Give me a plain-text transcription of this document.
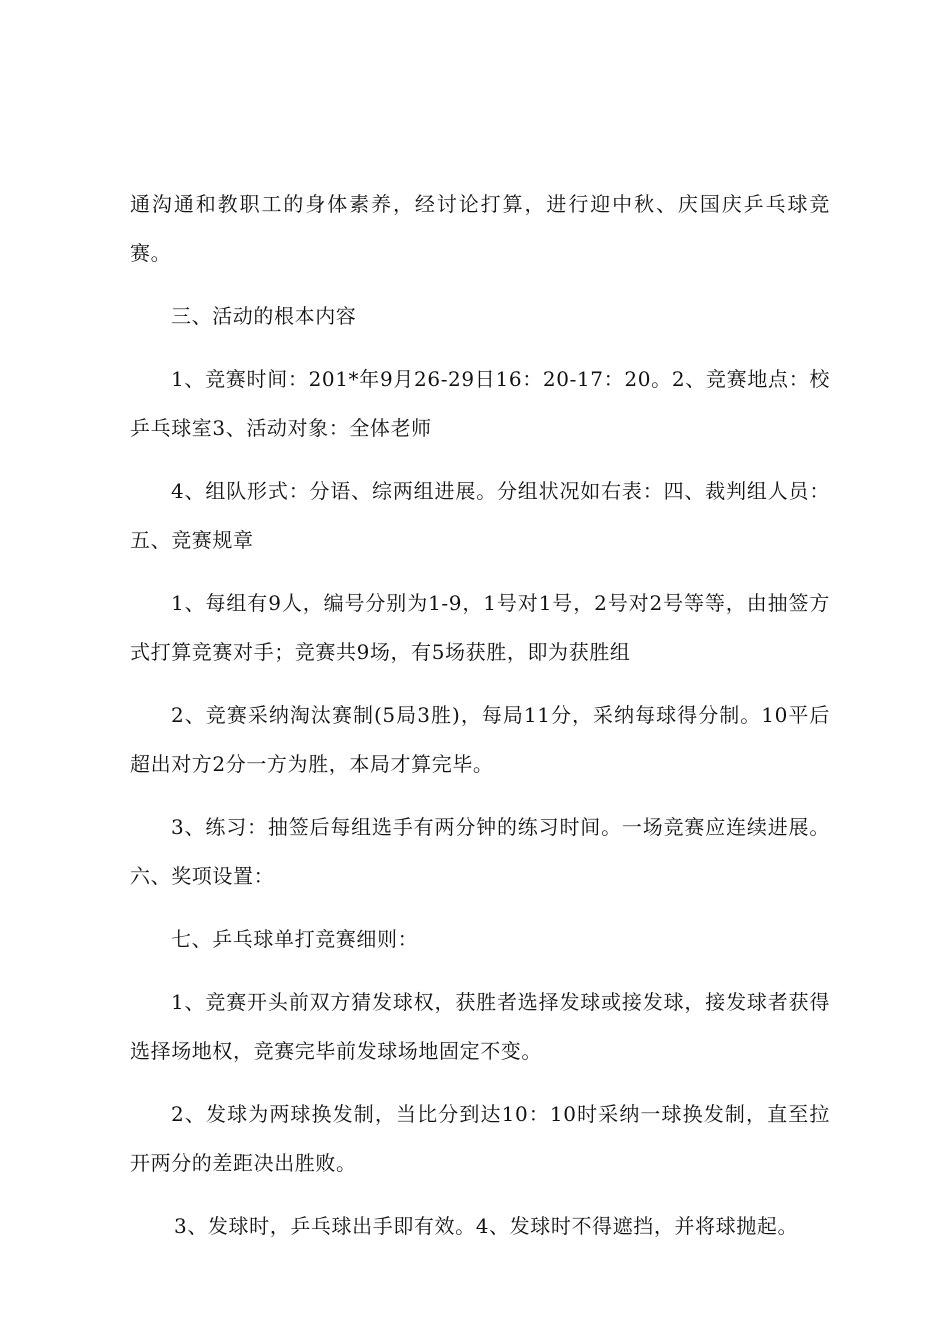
通沟通和教职工的身体素养，经讨论打算，进行迎中秋、庆国庆乒乓球竞赛。

三、活动的根本内容

1、竞赛时间：201*年9月26-29日16：20-17：20。2、竞赛地点：校乒乓球室3、活动对象：全体老师

4、组队形式：分语、综两组进展。分组状况如右表：四、裁判组人员：五、竞赛规章

1、每组有9人，编号分别为1-9，1号对1号，2号对2号等等，由抽签方式打算竞赛对手；竞赛共9场，有5场获胜，即为获胜组

2、竞赛采纳淘汰赛制(5局3胜)，每局11分，采纳每球得分制。10平后超出对方2分一方为胜，本局才算完毕。

3、练习：抽签后每组选手有两分钟的练习时间。一场竞赛应连续进展。六、奖项设置：

七、乒乓球单打竞赛细则：

1、竞赛开头前双方猜发球权，获胜者选择发球或接发球，接发球者获得选择场地权，竞赛完毕前发球场地固定不变。

2、发球为两球换发制，当比分到达10：10时采纳一球换发制，直至拉开两分的差距决出胜败。

3、发球时，乒乓球出手即有效。4、发球时不得遮挡，并将球抛起。
